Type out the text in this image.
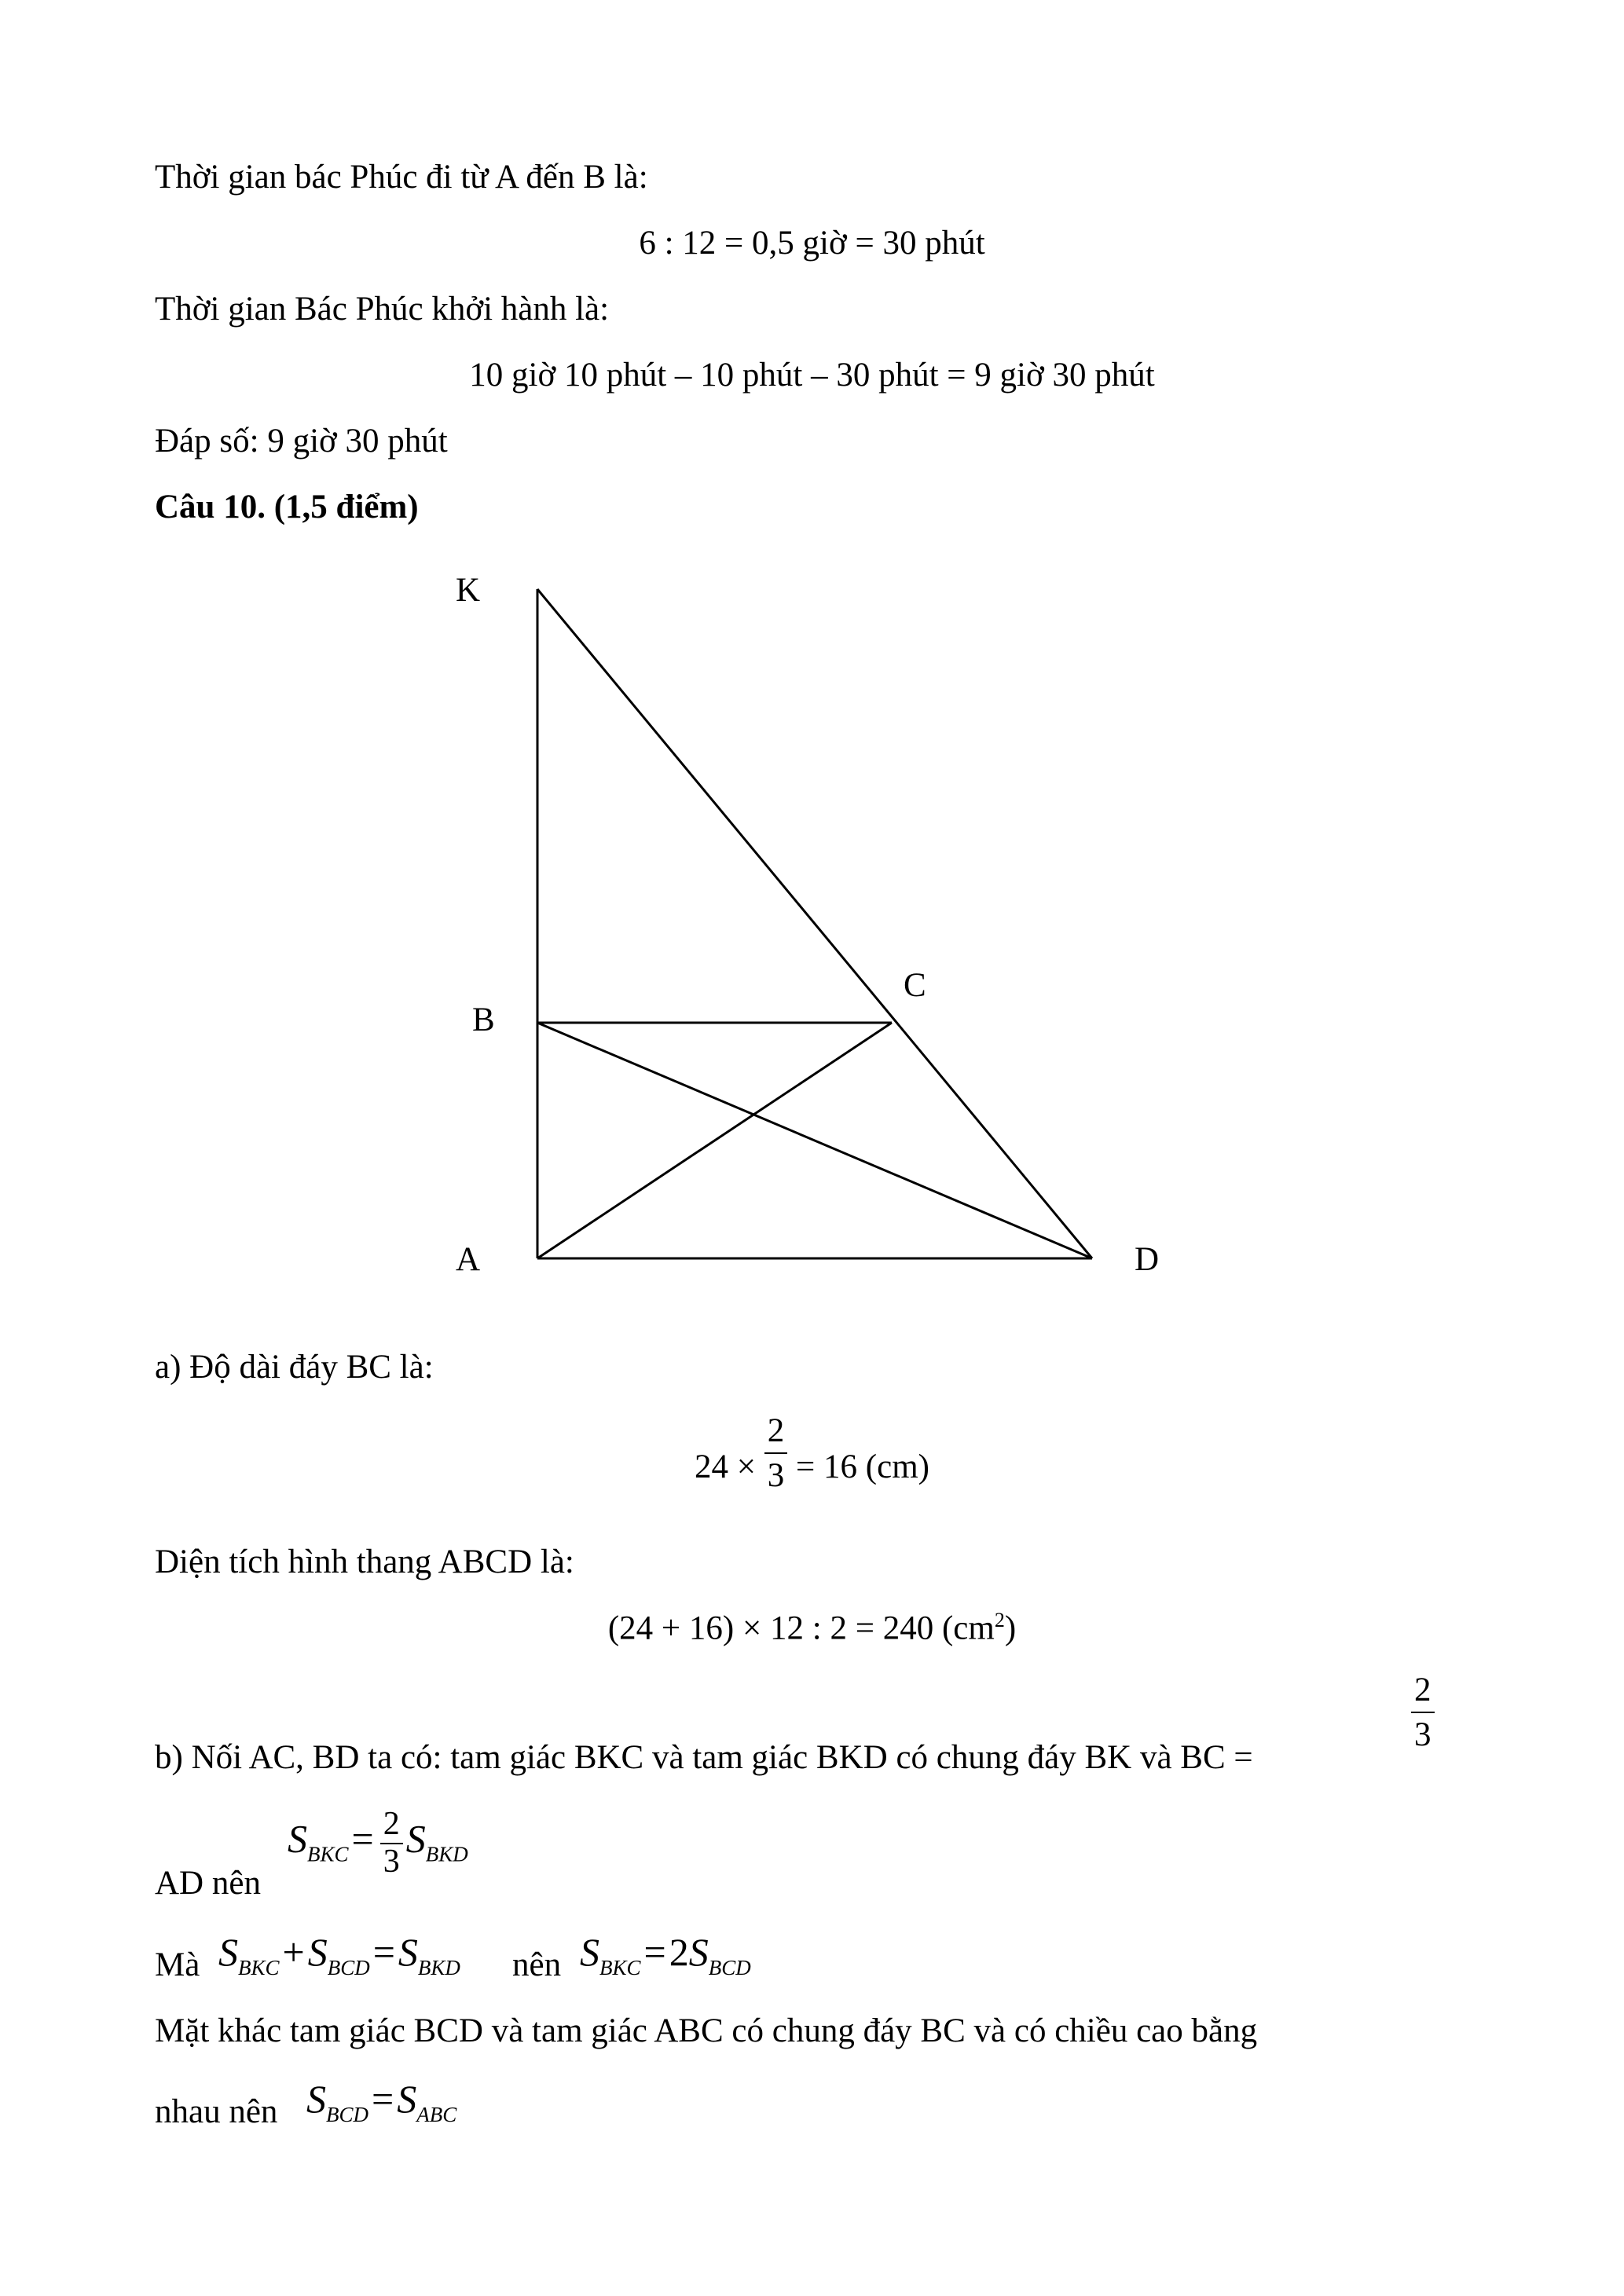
Thời gian bác Phúc đi từ A đến B là:
6 : 12 = 0,5 giờ = 30 phút
Thời gian Bác Phúc khởi hành là:
10 giờ 10 phút – 10 phút – 30 phút = 9 giờ 30 phút
Đáp số: 9 giờ 30 phút
Câu 10. (1,5 điểm)
K
B
C
A	D
a) Độ dài đáy BC là:
$24 \times \frac{2}{3} = 16$ (cm)
Diện tích hình thang ABCD là:
(24 + 16) × 12 : 2 = 240 $(cm^2)$
b) Nối AC, BD ta có: tam giác BKC và tam giác BKD có chung đáy BK và BC =
$\frac{2}{3}$
AD nên
$S_{BKC}= \frac{2}{3} S_{BKD}$
Mà $S_{BKC}+S_{BCD}=S_{BKD}$ nên $S_{BKC}=2S_{BCD}$
Mặt khác tam giác BCD và tam giác ABC có chung đáy BC và có chiều cao bằng
nhau nên $S_{BCD}=S_{ABC}$
